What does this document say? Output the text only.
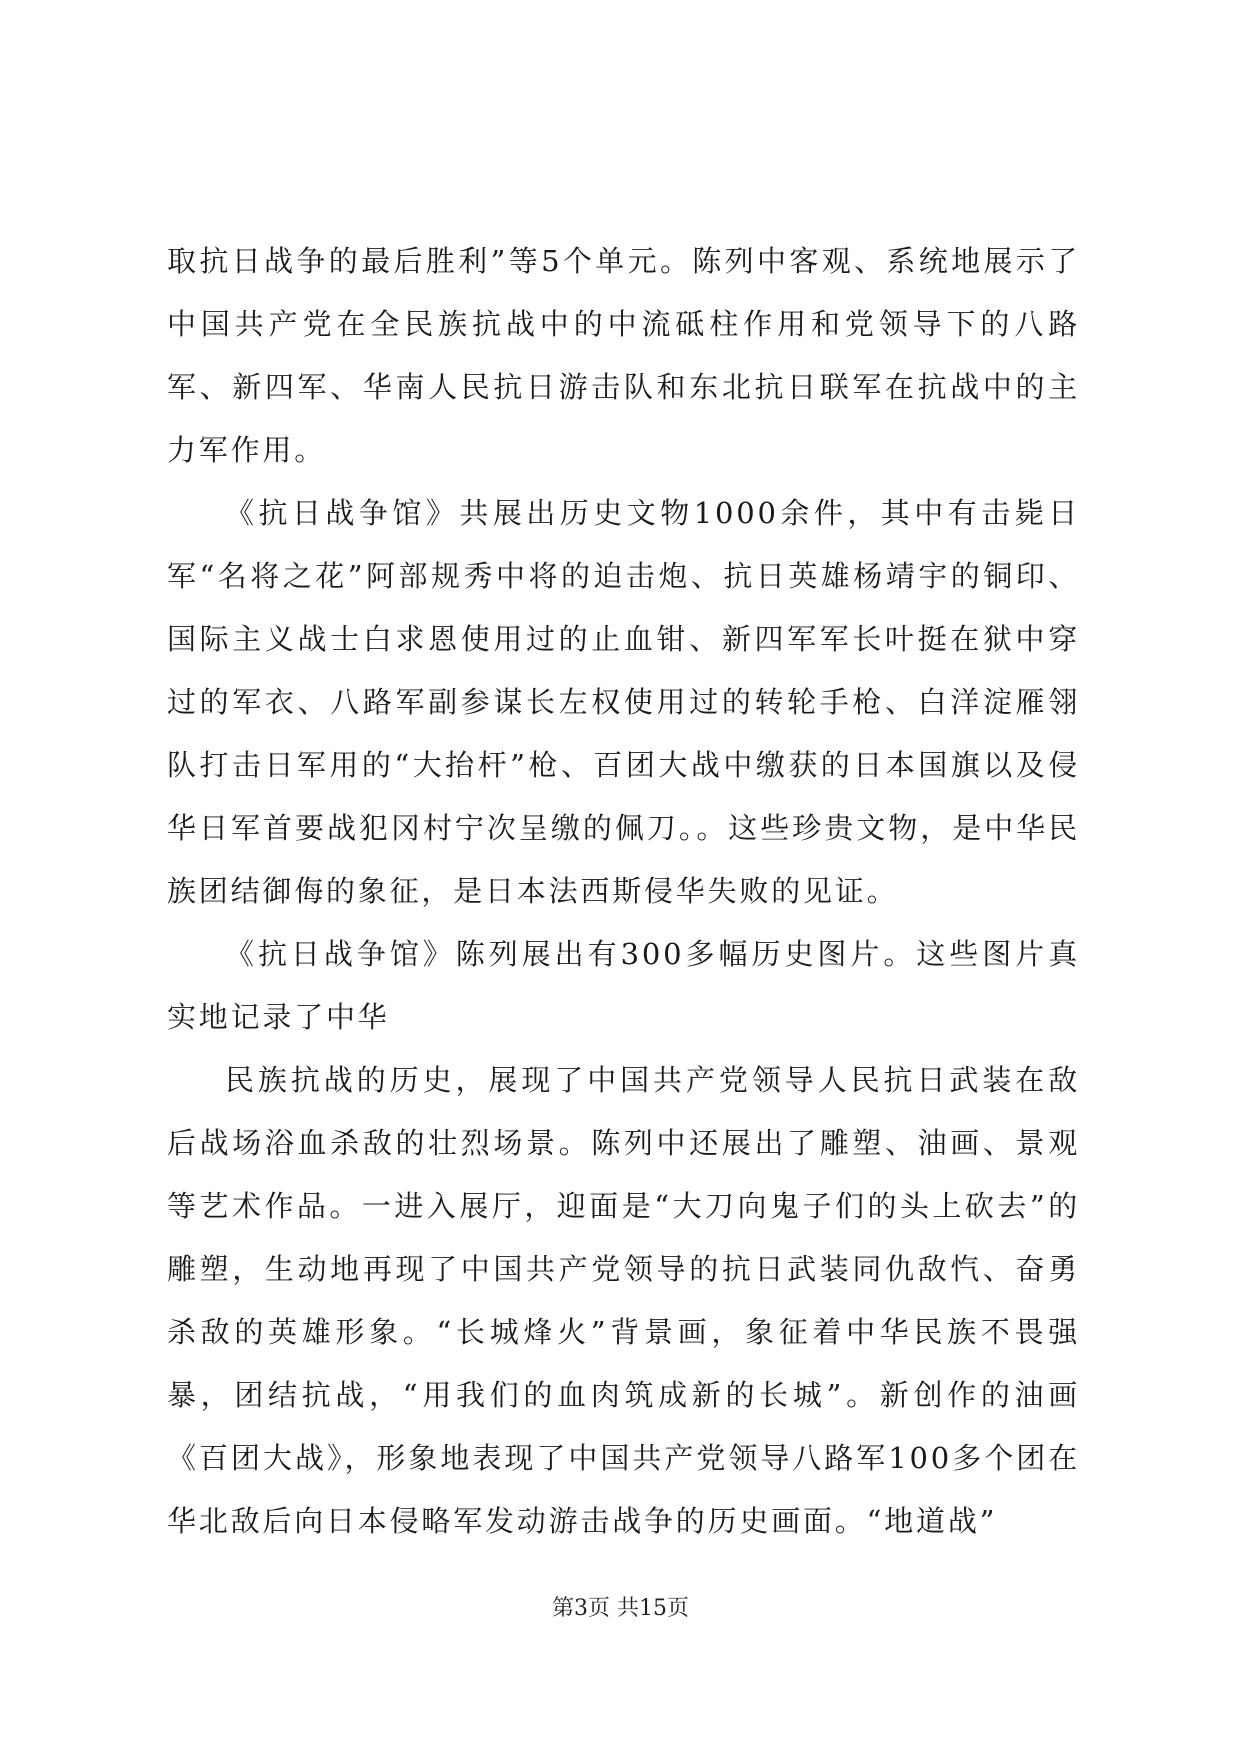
取抗日战争的最后胜利”等5个单元。陈列中客观、系统地展示了中国共产党在全民族抗战中的中流砥柱作用和党领导下的八路军、新四军、华南人民抗日游击队和东北抗日联军在抗战中的主力军作用。

《抗日战争馆》共展出历史文物1000余件，其中有击毙日军“名将之花”阿部规秀中将的迫击炮、抗日英雄杨靖宇的铜印、国际主义战士白求恩使用过的止血钳、新四军军长叶挺在狱中穿过的军衣、八路军副参谋长左权使用过的转轮手枪、白洋淀雁翎队打击日军用的“大抬杆”枪、百团大战中缴获的日本国旗以及侵华日军首要战犯冈村宁次呈缴的佩刀。。这些珍贵文物，是中华民族团结御侮的象征，是日本法西斯侵华失败的见证。

《抗日战争馆》陈列展出有300多幅历史图片。这些图片真实地记录了中华

民族抗战的历史，展现了中国共产党领导人民抗日武装在敌后战场浴血杀敌的壮烈场景。陈列中还展出了雕塑、油画、景观等艺术作品。一进入展厅，迎面是“大刀向鬼子们的头上砍去”的雕塑，生动地再现了中国共产党领导的抗日武装同仇敌忾、奋勇杀敌的英雄形象。“长城烽火”背景画，象征着中华民族不畏强暴，团结抗战，“用我们的血肉筑成新的长城”。新创作的油画《百团大战》，形象地表现了中国共产党领导八路军100多个团在华北敌后向日本侵略军发动游击战争的历史画面。“地道战”

第3页 共15页
